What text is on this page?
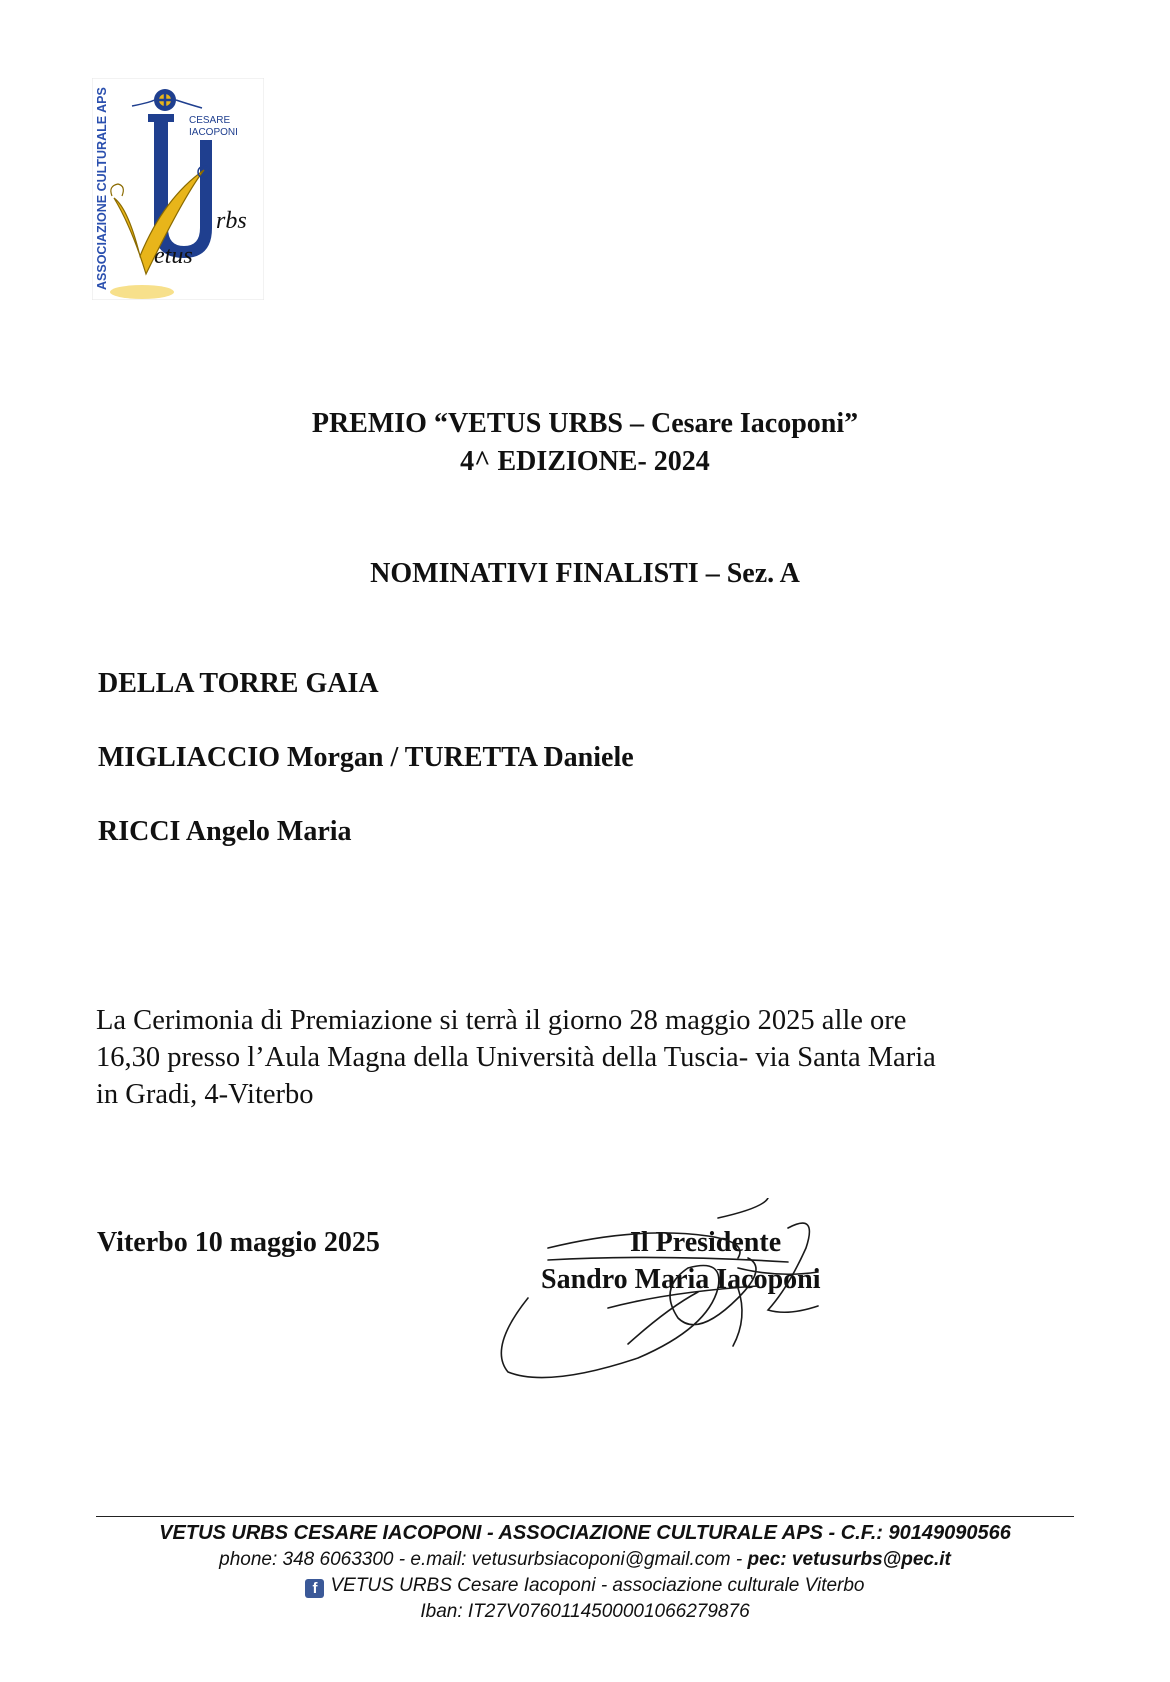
ASSOCIAZIONE CULTURALE APS	CESARE
IACOPONI
rbs
etus
PREMIO “VETUS URBS – Cesare Iacoponi”
4^ EDIZIONE- 2024
NOMINATIVI FINALISTI – Sez. A
DELLA TORRE GAIA
MIGLIACCIO Morgan / TURETTA Daniele
RICCI Angelo Maria
La Cerimonia di Premiazione si terrà il giorno 28 maggio 2025 alle ore
16,30 presso l’Aula Magna della Università della Tuscia- via Santa Maria
in Gradi, 4-Viterbo
Viterbo 10 maggio 2025	Il Presidente
Sandro Maria Iacoponi
VETUS URBS CESARE IACOPONI - ASSOCIAZIONE CULTURALE APS - C.F.: 90149090566
phone: 348 6063300 - e.mail: vetusurbsiacoponi@gmail.com - pec: vetusurbs@pec.it
f VETUS URBS Cesare Iacoponi - associazione culturale Viterbo
Iban: IT27V0760114500001066279876
